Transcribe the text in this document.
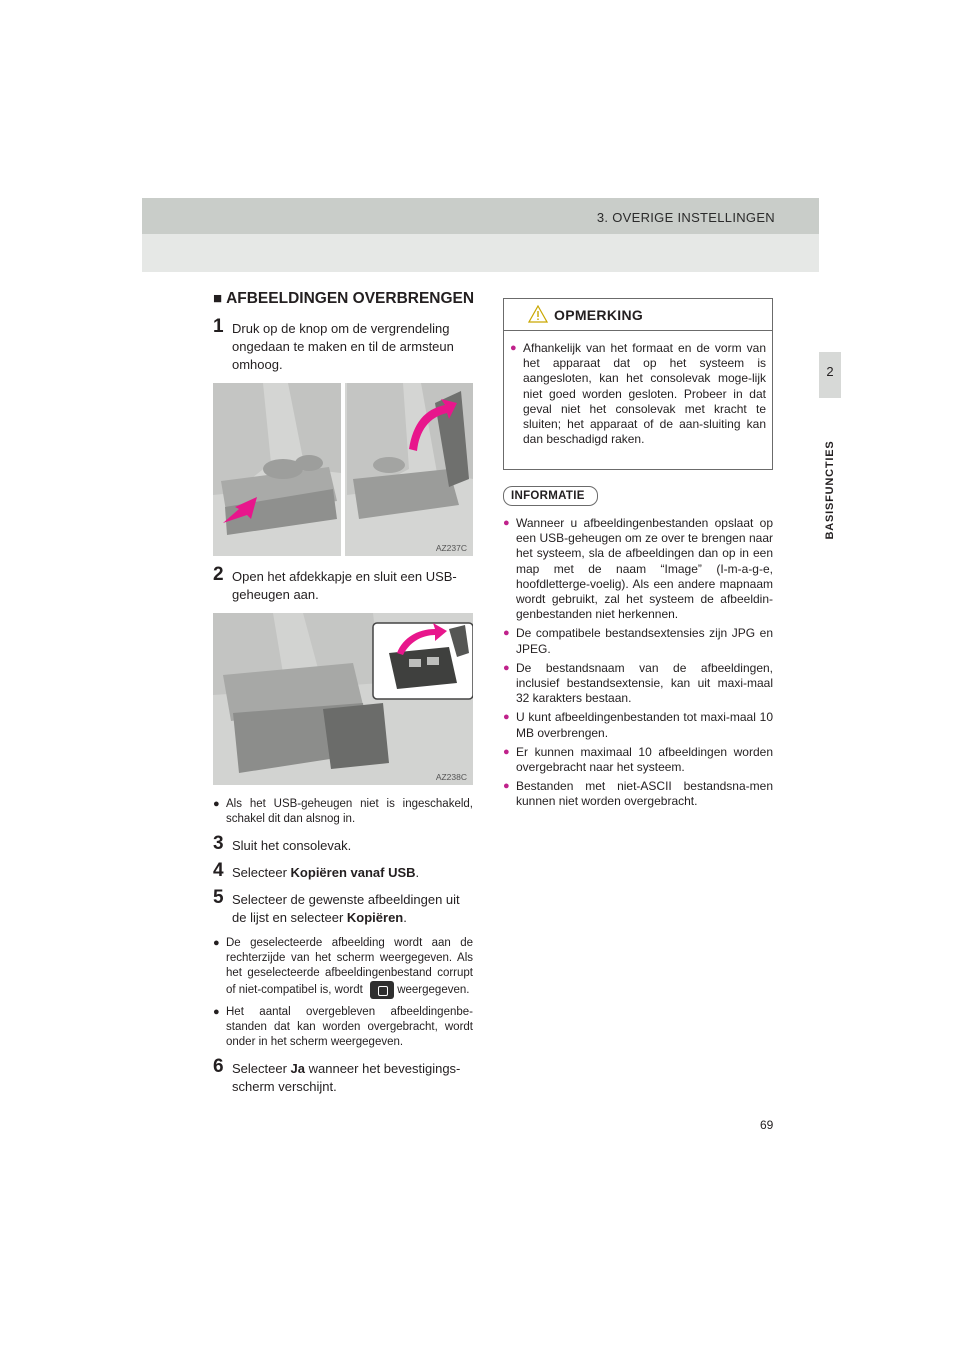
3. OVERIGE INSTELLINGEN
2
BASISFUNCTIES
■ AFBEELDINGEN OVERBRENGEN
1 Druk op de knop om de vergrendeling ongedaan te maken en til de armsteun omhoog.
AZ237C
2 Open het afdekkapje en sluit een USB-geheugen aan.
AZ238C
● Als het USB-geheugen niet is ingeschakeld, schakel dit dan alsnog in.
3 Sluit het consolevak.
4 Selecteer Kopiëren vanaf USB.
5 Selecteer de gewenste afbeeldingen uit de lijst en selecteer Kopiëren.
● De geselecteerde afbeelding wordt aan de rechterzijde van het scherm weergegeven. Als het geselecteerde afbeeldingenbestand corrupt of niet-compatibel is, wordt	weergegeven.
● Het aantal overgebleven afbeeldingenbe-standen dat kan worden overgebracht, wordt onder in het scherm weergegeven.
6 Selecteer Ja wanneer het bevestigings-scherm verschijnt.
OPMERKING
● Afhankelijk van het formaat en de vorm van het apparaat dat op het systeem is aangesloten, kan het consolevak moge-lijk niet goed worden gesloten. Probeer in dat geval niet het consolevak met kracht te sluiten; het apparaat of de aan-sluiting kan dan beschadigd raken.
INFORMATIE
● Wanneer u afbeeldingenbestanden opslaat op een USB-geheugen om ze over te brengen naar het systeem, sla de afbeeldingen dan op in een map met de naam “Image” (I-m-a-g-e, hoofdletterge-voelig). Als een andere mapnaam wordt gebruikt, zal het systeem de afbeeldin-genbestanden niet herkennen.
● De compatibele bestandsextensies zijn JPG en JPEG.
● De bestandsnaam van de afbeeldingen, inclusief bestandsextensie, kan uit maxi-maal 32 karakters bestaan.
● U kunt afbeeldingenbestanden tot maxi-maal 10 MB overbrengen.
● Er kunnen maximaal 10 afbeeldingen worden overgebracht naar het systeem.
● Bestanden met niet-ASCII bestandsna-men kunnen niet worden overgebracht.
69
